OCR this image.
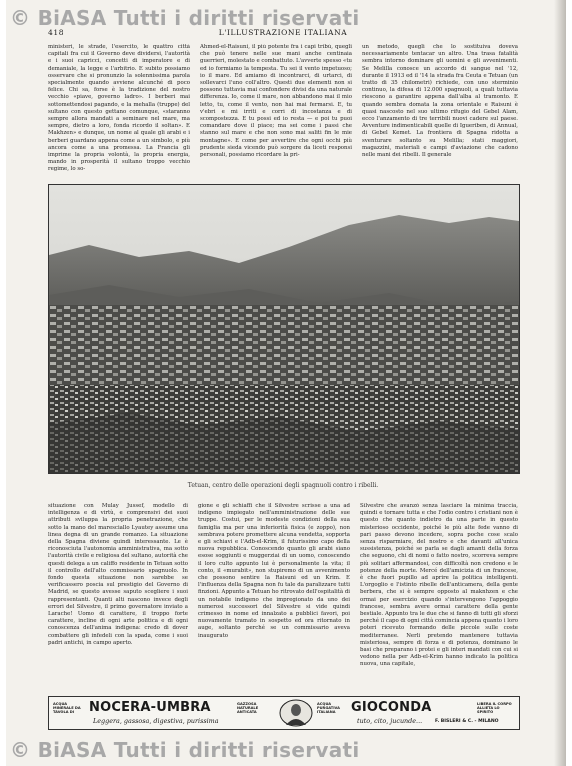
© BiASA Tutti i diritti riservati
418	L'ILLUSTRAZIONE ITALIANA
ministeri, le strade, l'esercito, le quattro città capitali fra cui il Governo deve dividersi, l'autorità e i suoi capricci, concetti di imperatore e di demaniale, la legge e l'arbitrio. E subito possiamo osservare che si pronunzio la solennissima parola specialmente quando avviene alcunché di poco felice. Chi sa, forse è la tradizione del nostro vecchio «piave, governo ladro». I berberi mai sottomettendosi pagando, e la mehalla (truppe) del sultano con questo gettano comunque, «staranno sempre allora mandati a seminare nel mare, ma sempre, dietro a loro, fonda ricordo il soltan». E Makhzen» e dunque, un nome al quale gli arabi e i berberi guardano appena come a un simbolo, e più ancora come a una promessa. La Francia gli imprime la propria volontà, la propria energia, mando in prosperità il sultano troppo vecchio regime, lo so-
Ahmed-el-Raisuni, il più potente fra i capi tribù, quegli che può tenere nelle sue mani anche centinaia guerrieri, molestato e combattuto. L'avverte spesso «tu ed io formiamo la tempesta. Tu sei il vento impetuoso; io il mare. Ed amiamo di incontrarci, di urtarci, di sollevarci l'uno coll'altro. Questi due elementi non si possono tuttavia mai confondere divisi da una naturale differenza. Io, come il mare, non abbandono mai il mio letto, tu, come il vento, non hai mai fermarsi. E, tu v'ebri e mi irriti e corri di incostanza e di scompostezza. E tu possi ed io resta — e poi tu puoi comandare dove il piace; ma sei come i passi che stanno sul mare e che non sono mai saliti fin le mie montagne». E come per avvertire che ogni occhi più prudente sieda vicendo può sorgere da liceti responsi personali, possiamo ricordare la pri-
un metodo, quegli che lo sostituiva doveva necessariamente tentacar un altro. Una trasa fatalità sembra intorno dominare gli uomini e gli avvenimenti. Se Melilla conosce un accordo di sangue nel '12, durante il 1913 ed il '14 la strada fra Ceuta e Tetuan (un tratto di 35 chilometri) richiede, con uno sterminio continuo, la difesa di 12.000 spagnuoli, a quali tuttavia riescono a garantire appena dall'alba al tramonto. E quando sembra domata la zona orientale e Raisuni è quasi nascosto nel suo ultimo rifugio del Gebel Alam, ecco l'anzamento di tre terribili nuovi cadere sul paese. Avventure indimenticabili quelle di Igueriben, di Annual, di Gebel Kemet. La frontiera di Spagna ridotta a sventurare soltanto su Melilla; stati maggiori, magazzini, materiali e campi d'aviazione che cadono nelle mani dei ribelli. Il generale
Tetuan, centro delle operazioni degli spagnuoli contro i ribelli.
situazione con Mulay Jussef, modello di intelligenza e di virtù, e comprensivi dei suoi attributi sviluppa la propria penetrazione, che sotto la mano del maresciallo Lyautey assume una linea degna di un grande romanzo. La situazione della Spagna diviene quindi interessante. Le è riconosciuta l'autonomia amministrativa, ma sotto l'autorità civile e religiosa del sultano, autorità che questi delega a un califfo residente in Tetuan sotto il controllo dell'alto commissario spagnuolo. In fondo questa situazione non sarebbe se verificassero poscia sul prestigio del Governo di Madrid, se questo avesse saputo scegliere i suoi rappresentanti. Quanti alti nascono invece degli errori del Silvestre, il primo governatore inviato a Larache! Uomo di carattere, il troppo forte carattere, incline di ogni arte politica e di ogni conoscenza dell'anima indigena: credo di dover combattere gli infedeli con la spada, come i suoi padri antichi, in campo aperto.
gione e gli schiaffi che il Silvestre scrisse a una ad indigeno impiegato nell'amministrazione delle sue truppe. Costui, per le modeste condizioni della sua famiglia ma per una inferiorità fisica (e zoppo), non sembrava potere promettere alcuna vendetta, sopporta e gli schiavi e l'Adb-el-Krim, il futurissimo capo della nuova repubblica. Conoscendo quanto gli arabi siano esose soggiunti e muggerziai di un uomo, conoscendo il loro culto appunto lui è personalmente la vita; il conto, il «murabit», non stupiremo di un avvenimento che possono sentire la Raisuni ed un Krim. E l'influenza della Spagna non fu tale da paralizzare tutti finzioni. Appunto a Tetuan ho ritrovato dell'ospitalità di un notabile indigeno che impregionato da uno dei numerosi successori del Silvestre si vide quindi crimesso in nome ed innalzato a pubblici favori, poi nuovamente tramato in sospetto ed ora ritornato in auge, soltanto perché se un commissario aveva inaugurato
Silvestre che avanzò senza lasciare la minima traccia, quindi e tornare tutta e che l'odio contro i cristiani non è questo che quanto indietro da una parte in questo misterioso occidente, poiché le più alte fede vanno di pari passo devono incedere, sopra poche cose scalo senza risparmiare, del nostro e che davanti all'unica sussistenza, poiché se parla se dagli amanti della forza che seguono, chi di nomi o fatto nostro, scorreva sempre più solitari affermandosi, con difficoltà non credono e le potenze della morte. Mercé dell'amicizia di un francese, è che fuori pupillo ad aprire la politica intelligenti. L'orgoglio e l'istinto ribelle dell'anticamera, della gente berbera, che si è sempre opposto al maknhzen e che ormai per esercizio quando s'intervengono l'appoggio francese, sembra avere ormai carattere della gente bestiale. Appunto tra le due che si fanno di tutti gli sforzi perché il capo di ogni città comincia appena quanto i loro poteri ricevuto formando delle piccole sulle coste mediterranee. Nerli pretendo mantenere tuttavia misteriosa, sempre di forza e di potenza, dominano le basi che preparano i protei e gli interi mandati con cui si vedono nella per Adb-el-Krim hanno indicato la politica nuova, una capitale,
ACQUA MINERALE DA TAVOLA DI	NOCERA-UMBRA	GAZZOSA NATURALE ANTICATA
Leggera, gassosa, digestiva, purissima
ACQUA PURGATIVA ITALIANA	GIOCONDA	LIBERA IL CORPO ALLIETA LO SPIRITO
tuto, cito, jucunde...	F. BISLERI & C. - MILANO
© BiASA Tutti i diritti riservati
